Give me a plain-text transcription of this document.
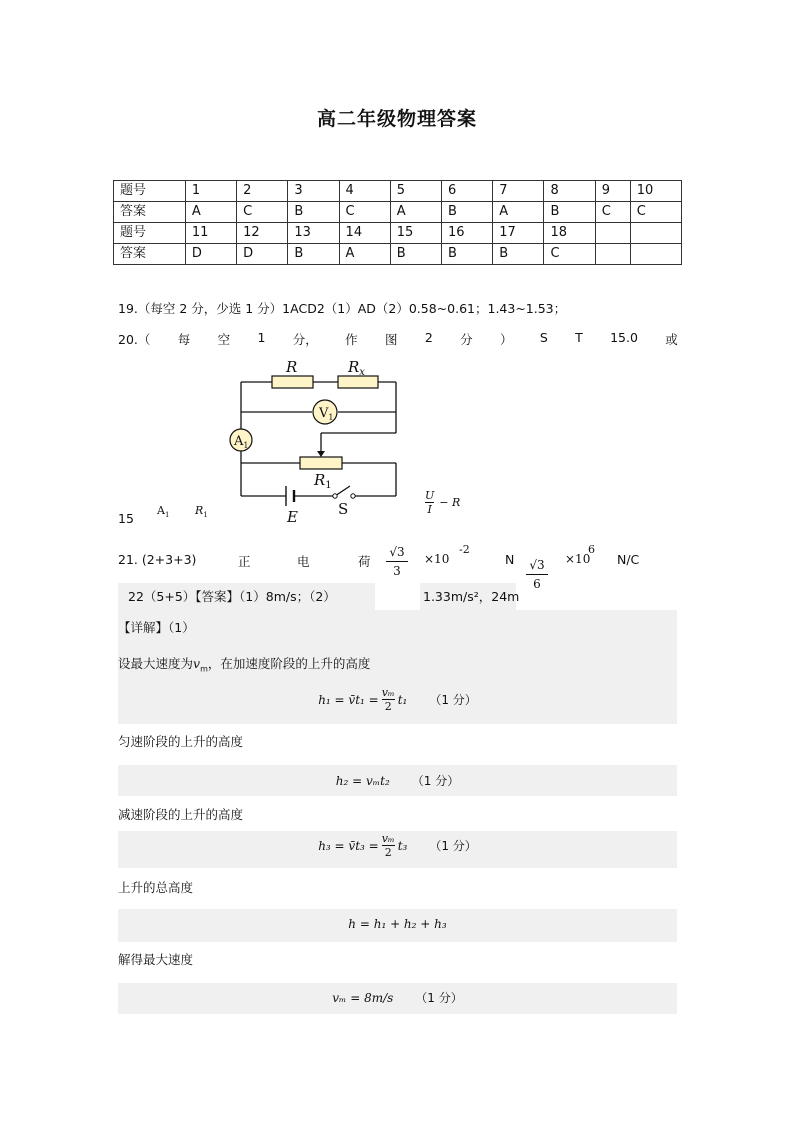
高二年级物理答案
题号	1	2	3	4	5	6	7	8	9	10
答案	A	C	B	C	A	B	A	B	C	C
题号	11	12	13	14	15	16	17	18		
答案	D	D	B	A	B	B	B	C		
19.（每空 2 分，少选 1 分）1ACD2（1）AD（2）0.58~0.61；1.43~1.53；
20.（ 每 空 1 分， 作 图 2 分 ） S T 15.0 或
R	$R_x$
$R_1$
E
$V_1$
$A_1$
S
15
$A_1$ $R_1$	$\frac{U}{I} - R$
21. (2+3+3)	正	电	荷
√3
3
×10
-2
N √3
6
×10
6
N/C
22（5+5）【答案】（1）8m/s；（2）	1.33m/s²，24m
【详解】（1）
设最大速度为$v_m$，在加速度阶段的上升的高度
h₁ = v̄t₁ = $\frac{\text{vₘ}}{2} t_1$ （1 分）
匀速阶段的上升的高度
h₂ = vₘt₂ （1 分）
减速阶段的上升的高度
h₃ = v̄t₃ = $\frac{\text{vₘ}}{2} t_3$ （1 分）
上升的总高度
h = h₁ + h₂ + h₃
解得最大速度
vₘ = 8m/s （1 分）
